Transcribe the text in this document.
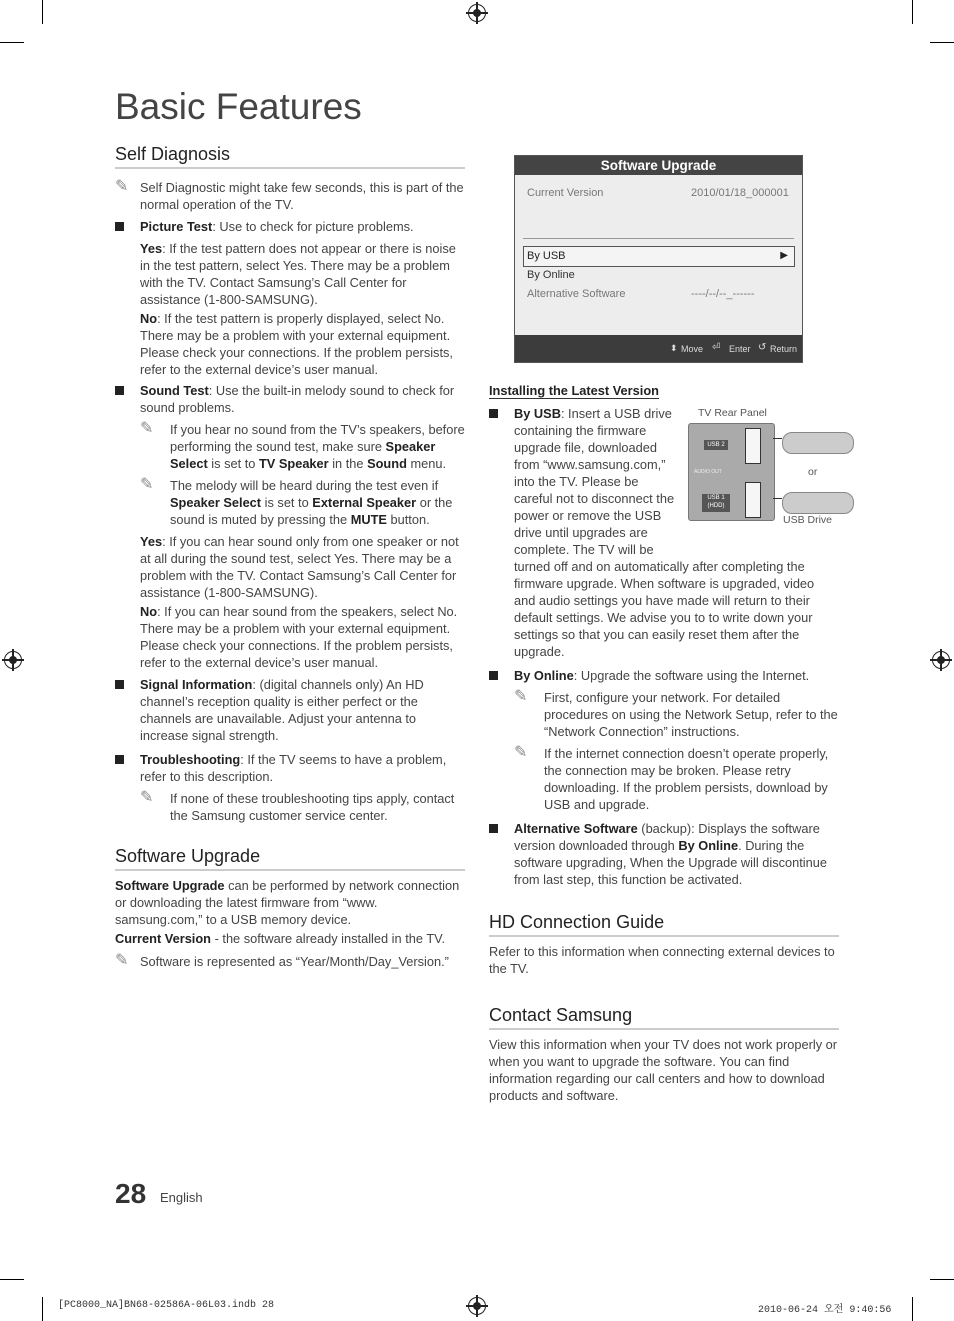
Basic Features
Self Diagnosis
✎ Self Diagnostic might take few seconds, this is part of the normal operation of the TV.
Picture Test: Use to check for picture problems.
Yes: If the test pattern does not appear or there is noise in the test pattern, select Yes. There may be a problem with the TV. Contact Samsung’s Call Center for assistance (1-800-SAMSUNG).
No: If the test pattern is properly displayed, select No. There may be a problem with your external equipment. Please check your connections. If the problem persists, refer to the external device’s user manual.
Sound Test: Use the built-in melody sound to check for sound problems.
✎ If you hear no sound from the TV’s speakers, before performing the sound test, make sure Speaker Select is set to TV Speaker in the Sound menu.
✎ The melody will be heard during the test even if Speaker Select is set to External Speaker or the sound is muted by pressing the MUTE button.
Yes: If you can hear sound only from one speaker or not at all during the sound test, select Yes. There may be a problem with the TV. Contact Samsung’s Call Center for assistance (1-800-SAMSUNG).
No: If you can hear sound from the speakers, select No. There may be a problem with your external equipment. Please check your connections. If the problem persists, refer to the external device’s user manual.
Signal Information: (digital channels only) An HD channel’s reception quality is either perfect or the channels are unavailable. Adjust your antenna to increase signal strength.
Troubleshooting: If the TV seems to have a problem, refer to this description.
✎ If none of these troubleshooting tips apply, contact the Samsung customer service center.
Software Upgrade
Software Upgrade can be performed by network connection or downloading the latest firmware from “www. samsung.com,” to a USB memory device.
Current Version - the software already installed in the TV.
✎ Software is represented as “Year/Month/Day_Version.”
Software Upgrade
Current Version	2010/01/18_000001
By USB	▶
By Online
Alternative Software	----/--/--_------
⬍ Move ⏎ Enter ↺ Return
Installing the Latest Version
By USB: Insert a USB drive containing the firmware upgrade file, downloaded from “www.samsung.com,” into the TV. Please be careful not to disconnect the power or remove the USB drive until upgrades are complete. The TV will be turned off and on automatically after completing the firmware upgrade. When software is upgraded, video and audio settings you have made will return to their default settings. We advise you to to write down your settings so that you can easily reset them after the upgrade.
By Online: Upgrade the software using the Internet.
✎ First, configure your network. For detailed procedures on using the Network Setup, refer to the “Network Connection” instructions.
✎ If the internet connection doesn’t operate properly, the connection may be broken. Please retry downloading. If the problem persists, download by USB and upgrade.
Alternative Software (backup): Displays the software version downloaded through By Online. During the software upgrading, When the Upgrade will discontinue from last step, this function be activated.
HD Connection Guide
Refer to this information when connecting external devices to the TV.
Contact Samsung
View this information when your TV does not work properly or when you want to upgrade the software. You can find information regarding our call centers and how to download products and software.
TV Rear Panel
USB 2
AUDIO OUT
USB 1
(HDD)
or
USB Drive
28 English
[PC8000_NA]BN68-02586A-06L03.indb 28	2010-06-24 오전 9:40:56
